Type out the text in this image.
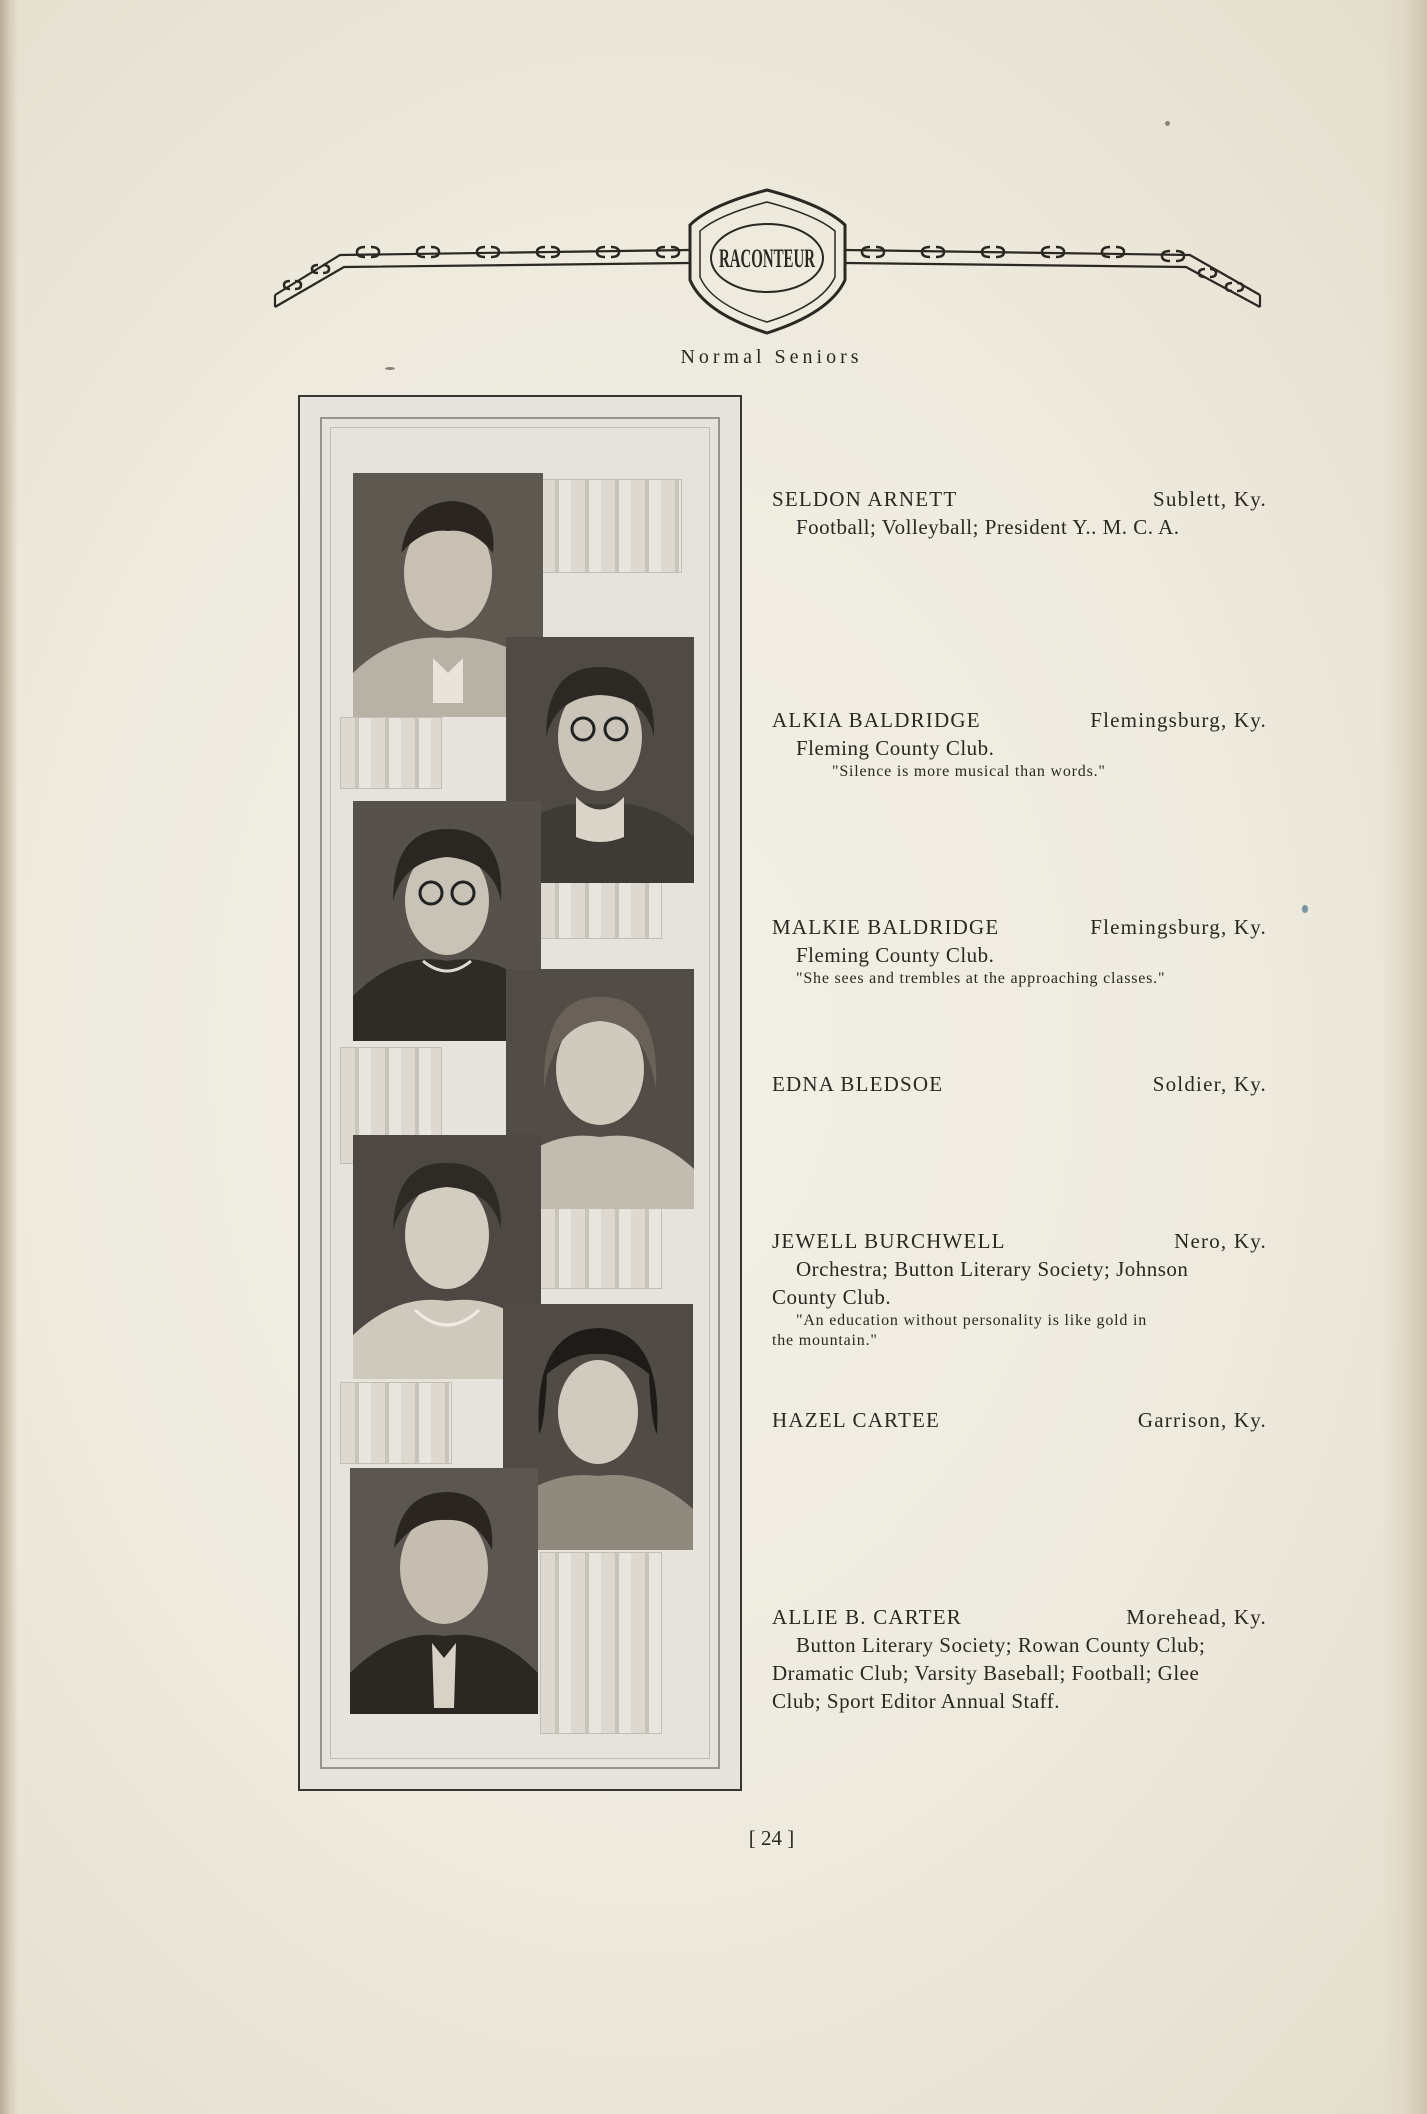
RACONTEUR
Normal Seniors
SELDON ARNETT	Sublett, Ky.
Football; Volleyball; President Y.. M. C. A.
ALKIA BALDRIDGE	Flemingsburg, Ky.
Fleming County Club.
"Silence is more musical than words."
MALKIE BALDRIDGE	Flemingsburg, Ky.
Fleming County Club.
"She sees and trembles at the approaching classes."
EDNA BLEDSOE	Soldier, Ky.
JEWELL BURCHWELL	Nero, Ky.
Orchestra; Button Literary Society; Johnson
County Club.
"An education without personality is like gold in
the mountain."
HAZEL CARTEE	Garrison, Ky.
ALLIE B. CARTER	Morehead, Ky.
Button Literary Society; Rowan County Club;
Dramatic Club; Varsity Baseball; Football; Glee
Club; Sport Editor Annual Staff.
[ 24 ]
